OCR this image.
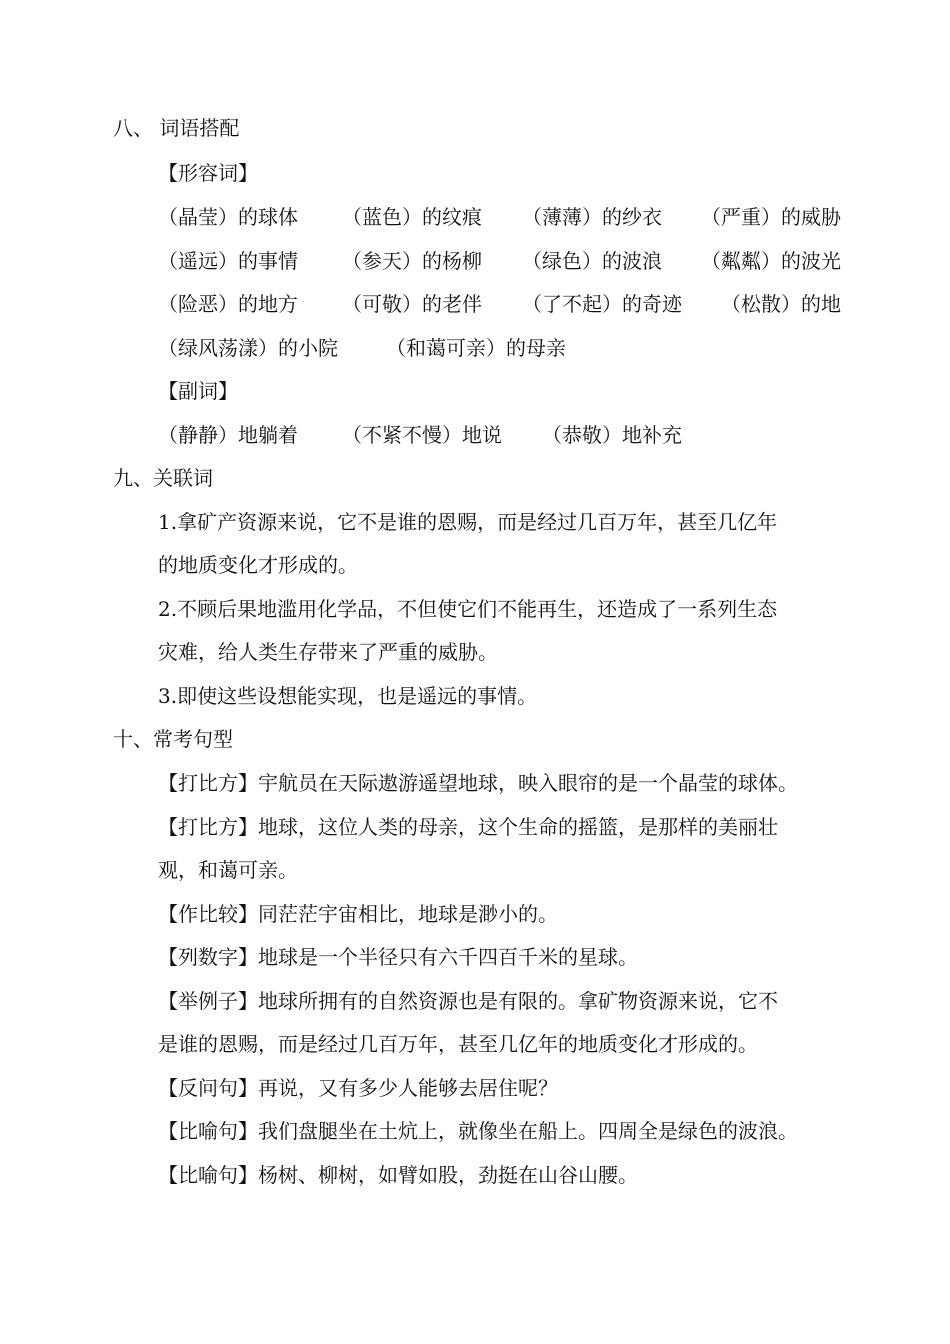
八、 词语搭配
【形容词】
（晶莹）的球体 （蓝色）的纹痕 （薄薄）的纱衣 （严重）的威胁
（遥远）的事情 （参天）的杨柳 （绿色）的波浪 （粼粼）的波光
（险恶）的地方 （可敬）的老伴 （了不起）的奇迹 （松散）的地
（绿风荡漾）的小院 （和蔼可亲）的母亲
【副词】
（静静）地躺着 （不紧不慢）地说 （恭敬）地补充
九、关联词
1.拿矿产资源来说，它不是谁的恩赐，而是经过几百万年，甚至几亿年
的地质变化才形成的。
2.不顾后果地滥用化学品，不但使它们不能再生，还造成了一系列生态
灾难，给人类生存带来了严重的威胁。
3.即使这些设想能实现，也是遥远的事情。
十、常考句型
【打比方】宇航员在天际遨游遥望地球，映入眼帘的是一个晶莹的球体。
【打比方】地球，这位人类的母亲，这个生命的摇篮，是那样的美丽壮
观，和蔼可亲。
【作比较】同茫茫宇宙相比，地球是渺小的。
【列数字】地球是一个半径只有六千四百千米的星球。
【举例子】地球所拥有的自然资源也是有限的。拿矿物资源来说，它不
是谁的恩赐，而是经过几百万年，甚至几亿年的地质变化才形成的。
【反问句】再说，又有多少人能够去居住呢？
【比喻句】我们盘腿坐在土炕上，就像坐在船上。四周全是绿色的波浪。
【比喻句】杨树、柳树，如臂如股，劲挺在山谷山腰。
